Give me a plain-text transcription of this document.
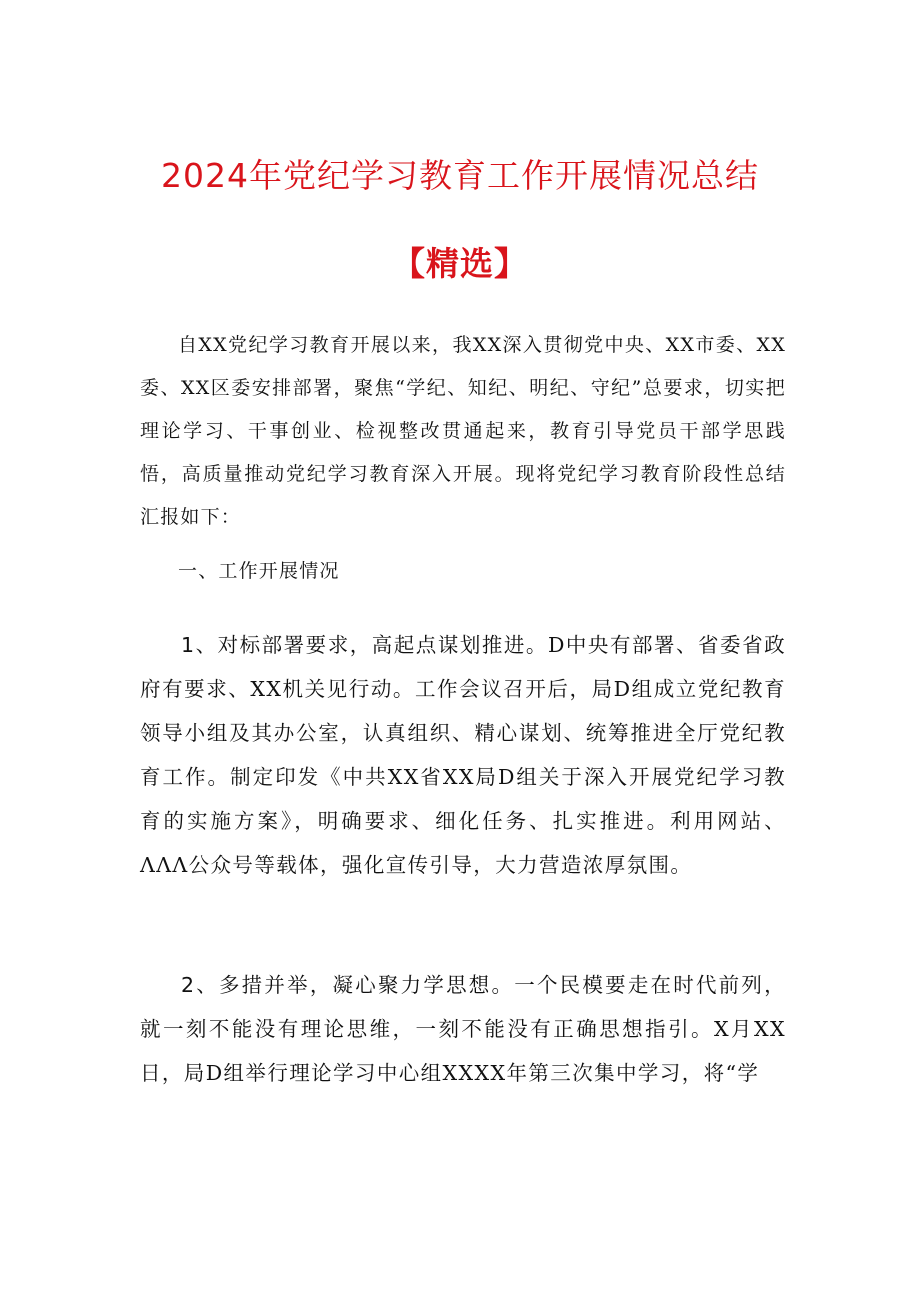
2024年党纪学习教育工作开展情况总结
【精选】

自XX党纪学习教育开展以来，我XX深入贯彻党中央、XX市委、XX委、XX区委安排部署，聚焦“学纪、知纪、明纪、守纪”总要求，切实把理论学习、干事创业、检视整改贯通起来，教育引导党员干部学思践悟，高质量推动党纪学习教育深入开展。现将党纪学习教育阶段性总结汇报如下：

一、工作开展情况

1、对标部署要求，高起点谋划推进。D中央有部署、省委省政府有要求、XX机关见行动。工作会议召开后，局D组成立党纪教育领导小组及其办公室，认真组织、精心谋划、统筹推进全厅党纪教育工作。制定印发《中共XX省XX局D组关于深入开展党纪学习教育的实施方案》，明确要求、细化任务、扎实推进。利用网站、ΛΛΛ公众号等载体，强化宣传引导，大力营造浓厚氛围。

2、多措并举，凝心聚力学思想。一个民模要走在时代前列，就一刻不能没有理论思维，一刻不能没有正确思想指引。X月XX日，局D组举行理论学习中心组XXXX年第三次集中学习，将“学
